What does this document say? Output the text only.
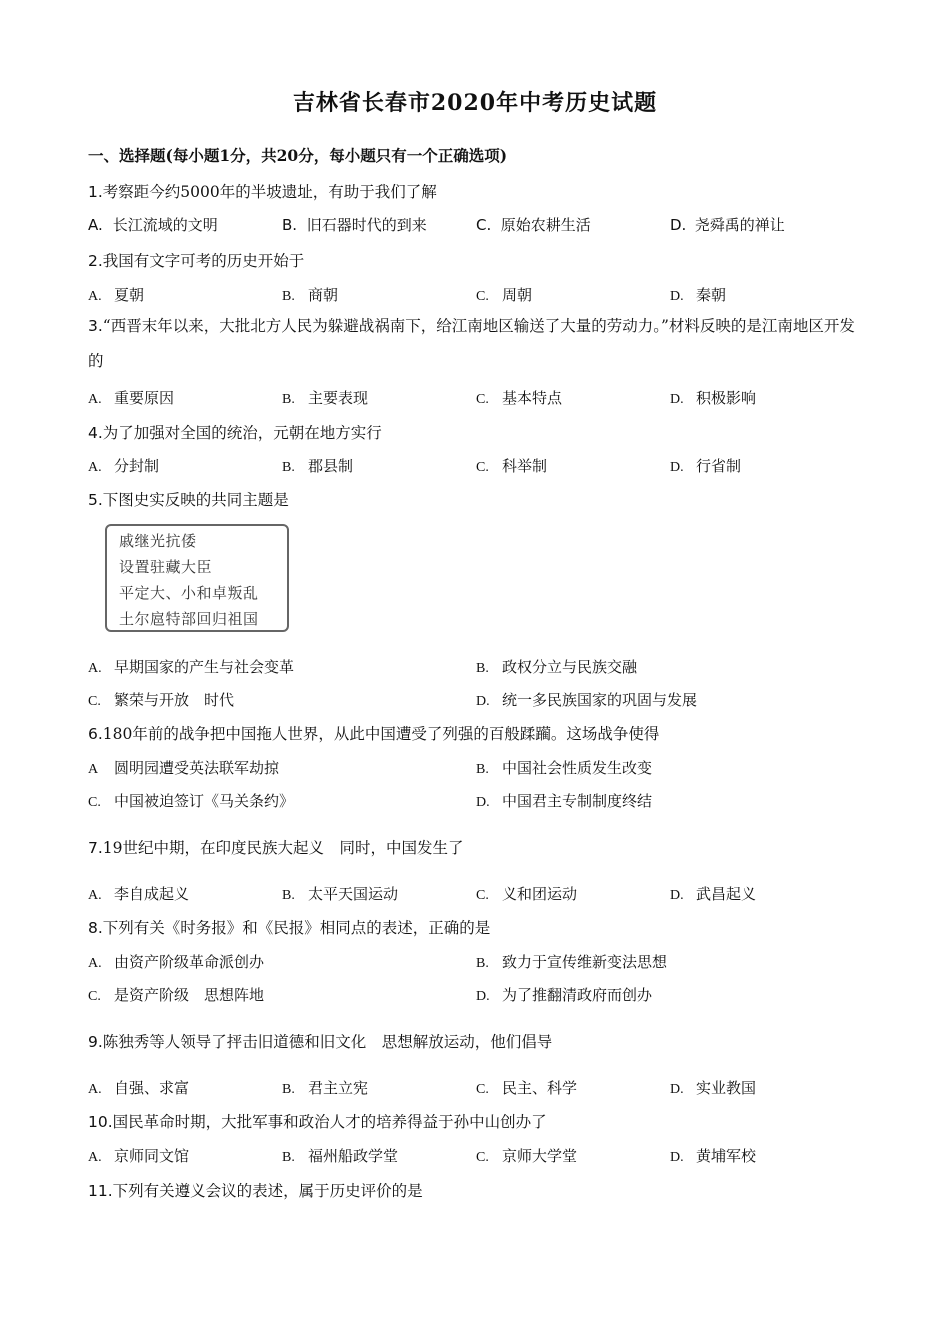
吉林省长春市2020年中考历史试题
一、选择题(每小题1分，共20分，每小题只有一个正确选项)
1.考察距今约5000年的半坡遗址，有助于我们了解
A. 长江流域的文明	B. 旧石器时代的到来	C. 原始农耕生活	D. 尧舜禹的禅让
2.我国有文字可考的历史开始于
A. 夏朝	B. 商朝	C. 周朝	D. 秦朝
3.“西晋末年以来，大批北方人民为躲避战祸南下，给江南地区输送了大量的劳动力。”材料反映的是江南地区开发的
A. 重要原因	B. 主要表现	C. 基本特点	D. 积极影响
4.为了加强对全国的统治，元朝在地方实行
A. 分封制	B. 郡县制	C. 科举制	D. 行省制
5.下图史实反映的共同主题是
戚继光抗倭
设置驻藏大臣
平定大、小和卓叛乱
土尔扈特部回归祖国
A. 早期国家的产生与社会变革	B. 政权分立与民族交融
C. 繁荣与开放　时代	D. 统一多民族国家的巩固与发展
6.180年前的战争把中国拖人世界，从此中国遭受了列强的百般蹂躏。这场战争使得
A 圆明园遭受英法联军劫掠	B. 中国社会性质发生改变
C. 中国被迫签订《马关条约》	D. 中国君主专制制度终结
7.19世纪中期，在印度民族大起义　同时，中国发生了
A. 李自成起义	B. 太平天国运动	C. 义和团运动	D. 武昌起义
8.下列有关《时务报》和《民报》相同点的表述，正确的是
A. 由资产阶级革命派创办	B. 致力于宣传维新变法思想
C. 是资产阶级　思想阵地	D. 为了推翻清政府而创办
9.陈独秀等人领导了抨击旧道德和旧文化　思想解放运动，他们倡导
A. 自强、求富	B. 君主立宪	C. 民主、科学	D. 实业教国
10.国民革命时期，大批军事和政治人才的培养得益于孙中山创办了
A. 京师同文馆	B. 福州船政学堂	C. 京师大学堂	D. 黄埔军校
11.下列有关遵义会议的表述，属于历史评价的是
